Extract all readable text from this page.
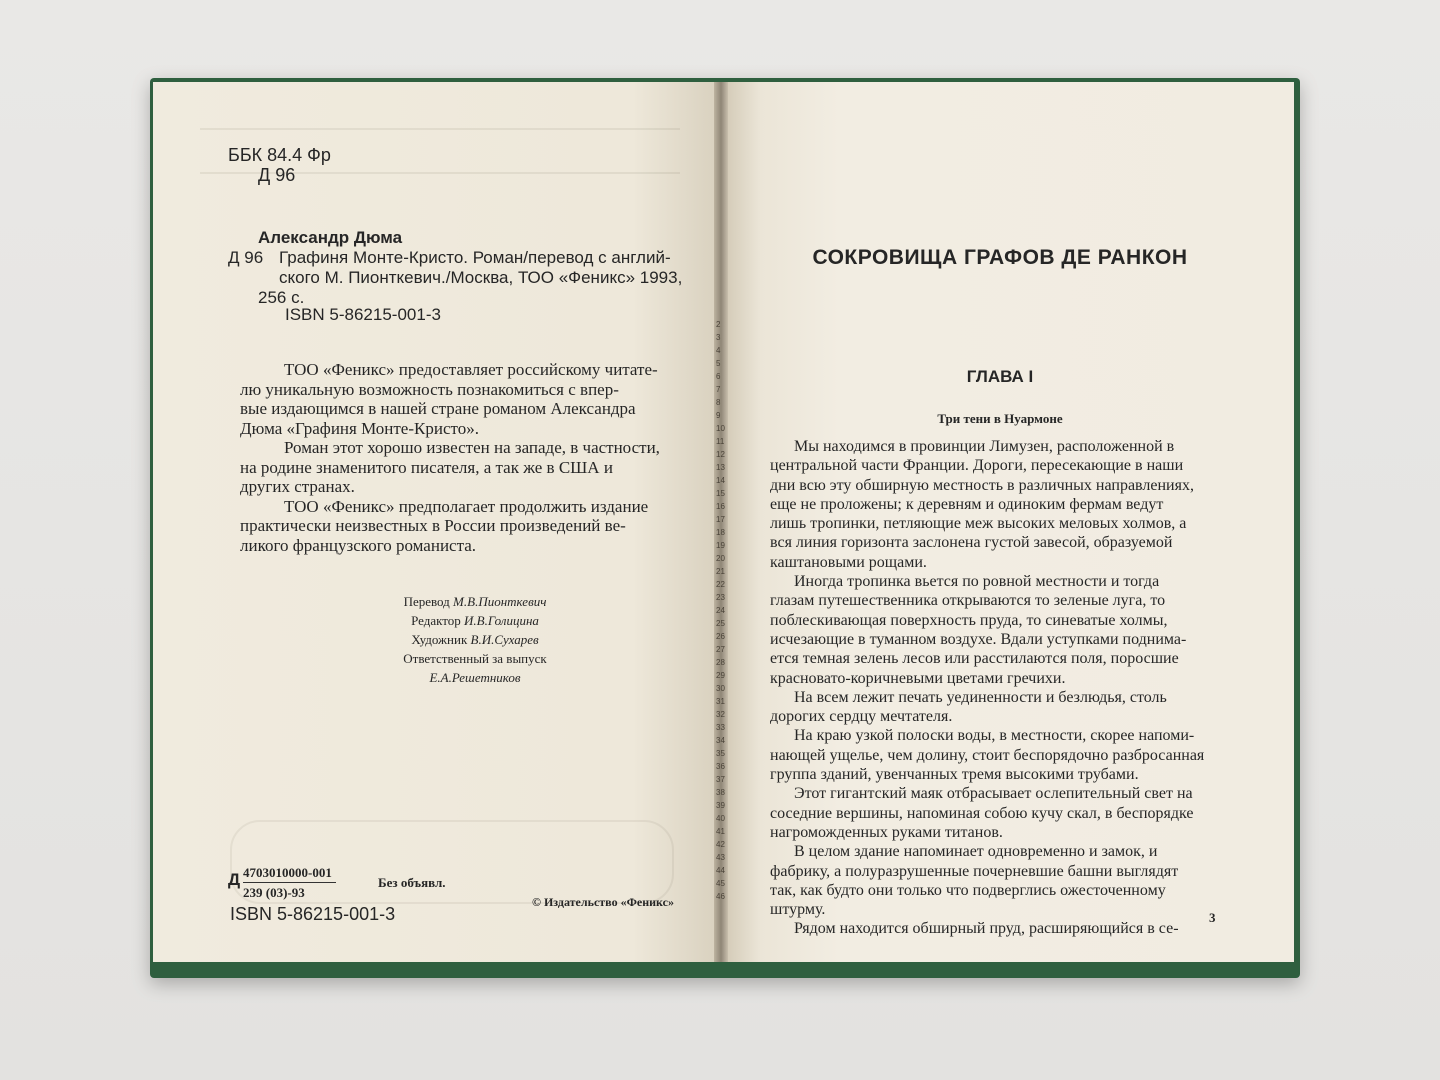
ББК 84.4 Фр
Д 96
Александр Дюма
Д 96 Графиня Монте-Кристо. Роман/перевод с англий-
ского М. Пионткевич./Москва, ТОО «Феникс» 1993,
256 с.
ISBN 5-86215-001-3
ТОО «Феникс» предоставляет российскому читате-
лю уникальную возможность познакомиться с впер-
вые издающимся в нашей стране романом Александра
Дюма «Графиня Монте-Кристо».
Роман этот хорошо известен на западе, в частности,
на родине знаменитого писателя, а так же в США и
других странах.
ТОО «Феникс» предполагает продолжить издание
практически неизвестных в России произведений ве-
ликого французского романиста.
Перевод М.В.Пионткевич
Редактор И.В.Голицина
Художник В.И.Сухарев
Ответственный за выпуск
Е.А.Решетников
Д 4703010000-001
239 (03)-93
Без объявл.
ISBN 5-86215-001-3
© Издательство «Феникс»
2
3
4
5
6
7
8
9
10
11
12
13
14
15
16
17
18
19
20
21
22
23
24
25
26
27
28
29
30
31
32
33
34
35
36
37
38
39
40
41
42
43
44
45
46
СОКРОВИЩА ГРАФОВ ДЕ РАНКОН
ГЛАВА I
Три тени в Нуармоне
Мы находимся в провинции Лимузен, расположенной в
центральной части Франции. Дороги, пересекающие в наши
дни всю эту обширную местность в различных направлениях,
еще не проложены; к деревням и одиноким фермам ведут
лишь тропинки, петляющие меж высоких меловых холмов, а
вся линия горизонта заслонена густой завесой, образуемой
каштановыми рощами.
Иногда тропинка вьется по ровной местности и тогда
глазам путешественника открываются то зеленые луга, то
поблескивающая поверхность пруда, то синеватые холмы,
исчезающие в туманном воздухе. Вдали уступками поднима-
ется темная зелень лесов или расстилаются поля, поросшие
красновато-коричневыми цветами гречихи.
На всем лежит печать уединенности и безлюдья, столь
дорогих сердцу мечтателя.
На краю узкой полоски воды, в местности, скорее напоми-
нающей ущелье, чем долину, стоит беспорядочно разбросанная
группа зданий, увенчанных тремя высокими трубами.
Этот гигантский маяк отбрасывает ослепительный свет на
соседние вершины, напоминая собою кучу скал, в беспорядке
нагроможденных руками титанов.
В целом здание напоминает одновременно и замок, и
фабрику, а полуразрушенные почерневшие башни выглядят
так, как будто они только что подверглись ожесточенному
штурму.
Рядом находится обширный пруд, расширяющийся в се-
3
